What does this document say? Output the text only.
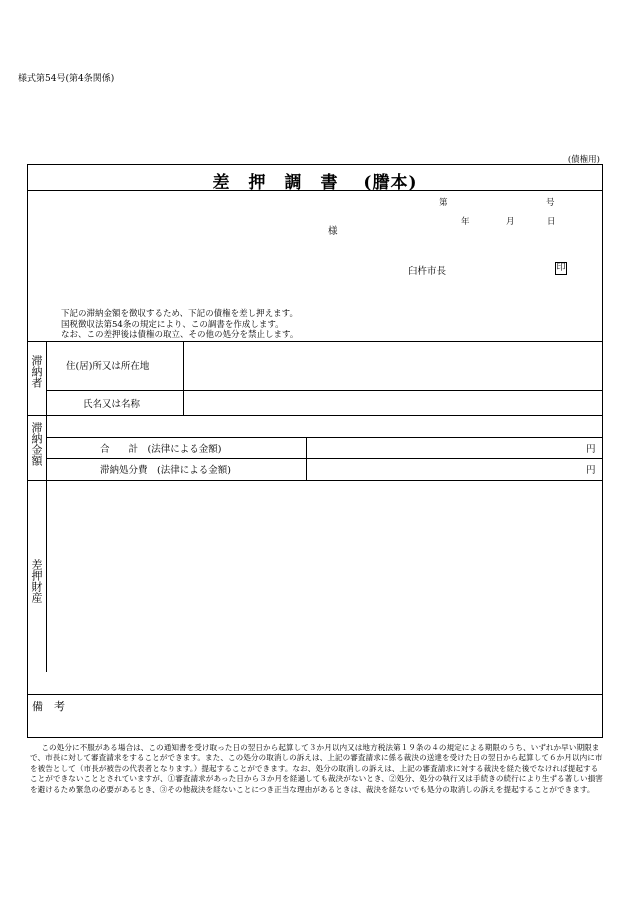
様式第54号(第4条関係)
(債権用)
差押調書 (謄本)
第	号
年	月	日
様
臼杵市長	印
下記の滞納金額を徴収するため、下記の債権を差し押えます。
国税徴収法第54条の規定により、この調書を作成します。
なお、この差押後は債権の取立、その他の処分を禁止します。
滞納者 住(居)所又は所在地
氏名又は名称
滞納金額	合　　計　(法律による金額)	円
滞納処分費　(法律による金額)	円
差押財産
備　考
この処分に不服がある場合は、この通知書を受け取った日の翌日から起算して３か月以内又は地方税法第１９条の４の規定による期限のうち、いずれか早い期限まで、市長に対して審査請求をすることができます。また、この処分の取消しの訴えは、上記の審査請求に係る裁決の送達を受けた日の翌日から起算して６か月以内に市を被告として（市長が被告の代表者となります。）提起することができます。なお、処分の取消しの訴えは、上記の審査請求に対する裁決を経た後でなければ提起することができないこととされていますが、①審査請求があった日から３か月を経過しても裁決がないとき、②処分、処分の執行又は手続きの続行により生ずる著しい損害を避けるため緊急の必要があるとき、③その他裁決を経ないことにつき正当な理由があるときは、裁決を経ないでも処分の取消しの訴えを提起することができます。
